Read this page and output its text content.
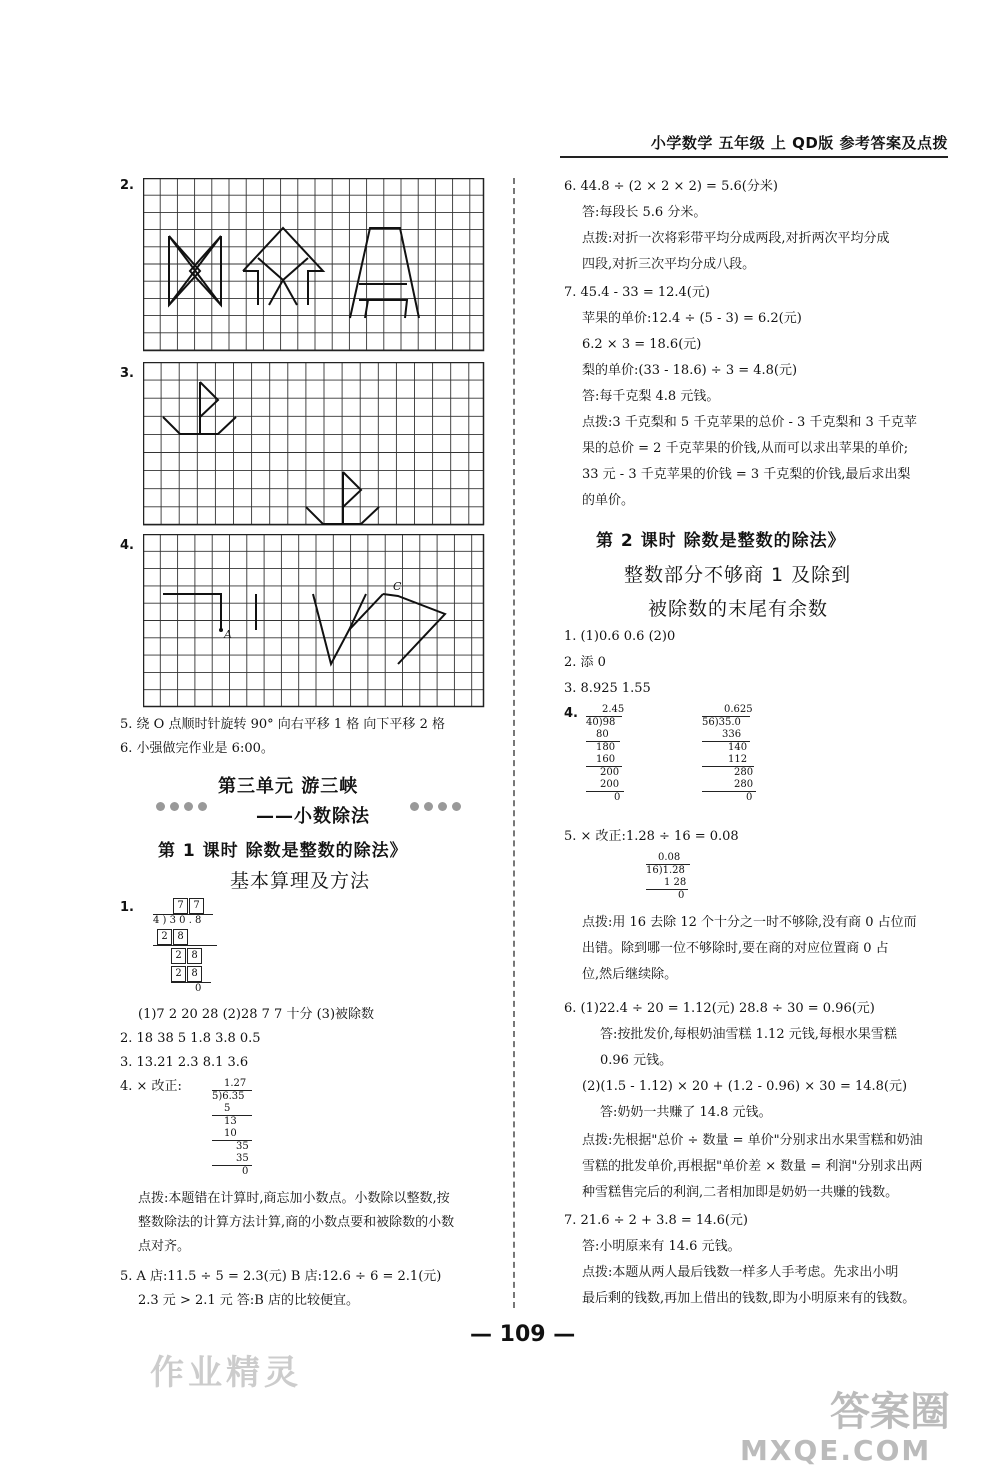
小学数学 五年级 上 QD版 参考答案及点拨
2.
3.
4.
A
C
5. 绕 O 点顺时针旋转 90° 向右平移 1 格 向下平移 2 格
6. 小强做完作业是 6:00。
第三单元 游三峡
——小数除法
第 1 课时 除数是整数的除法》
基本算理及方法
1.	7 7
4 ) 3 0 . 8
2 8
2 8
2 8
0
(1)7 2 20 28 (2)28 7 7 十分 (3)被除数
2. 18 38 5 1.8 3.8 0.5
3. 13.21 2.3 8.1 3.6
4. × 改正:	1.27
5)6.35
5
13
10
35
35
0
点拨:本题错在计算时,商忘加小数点。小数除以整数,按
整数除法的计算方法计算,商的小数点要和被除数的小数
点对齐。
5. A 店:11.5 ÷ 5 = 2.3(元) B 店:12.6 ÷ 6 = 2.1(元)
2.3 元 > 2.1 元 答:B 店的比较便宜。
作业精灵
6. 44.8 ÷ (2 × 2 × 2) = 5.6(分米)
答:每段长 5.6 分米。
点拨:对折一次将彩带平均分成两段,对折两次平均分成
四段,对折三次平均分成八段。
7. 45.4 - 33 = 12.4(元)
苹果的单价:12.4 ÷ (5 - 3) = 6.2(元)
6.2 × 3 = 18.6(元)
梨的单价:(33 - 18.6) ÷ 3 = 4.8(元)
答:每千克梨 4.8 元钱。
点拨:3 千克梨和 5 千克苹果的总价 - 3 千克梨和 3 千克苹
果的总价 = 2 千克苹果的价钱,从而可以求出苹果的单价;
33 元 - 3 千克苹果的价钱 = 3 千克梨的价钱,最后求出梨
的单价。
第 2 课时 除数是整数的除法》
整数部分不够商 1 及除到
被除数的末尾有余数
1. (1)0.6 0.6 (2)0
2. 添 0
3. 8.925 1.55
4.	2.45
40)98
80
180
160
200
200
0
0.625
56)35.0
336
140
112
280
280
0
5. × 改正:1.28 ÷ 16 = 0.08
0.08
16)1.28
1 28
0
点拨:用 16 去除 12 个十分之一时不够除,没有商 0 占位而
出错。除到哪一位不够除时,要在商的对应位置商 0 占
位,然后继续除。
6. (1)22.4 ÷ 20 = 1.12(元) 28.8 ÷ 30 = 0.96(元)
答:按批发价,每根奶油雪糕 1.12 元钱,每根水果雪糕
0.96 元钱。
(2)(1.5 - 1.12) × 20 + (1.2 - 0.96) × 30 = 14.8(元)
答:奶奶一共赚了 14.8 元钱。
点拨:先根据"总价 ÷ 数量 = 单价"分别求出水果雪糕和奶油
雪糕的批发单价,再根据"单价差 × 数量 = 利润"分别求出两
种雪糕售完后的利润,二者相加即是奶奶一共赚的钱数。
7. 21.6 ÷ 2 + 3.8 = 14.6(元)
答:小明原来有 14.6 元钱。
点拨:本题从两人最后钱数一样多人手考虑。先求出小明
最后剩的钱数,再加上借出的钱数,即为小明原来有的钱数。
— 109 —
答案圈
MXQE.COM
